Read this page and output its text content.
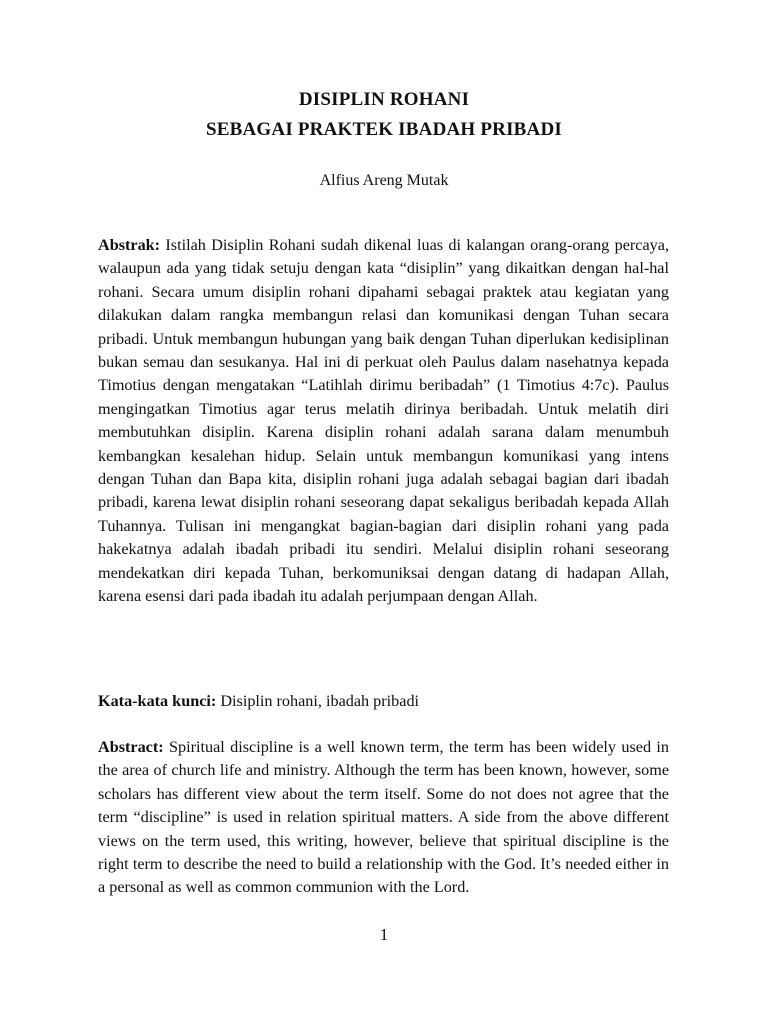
DISIPLIN ROHANI
SEBAGAI PRAKTEK IBADAH PRIBADI
Alfius Areng Mutak

Abstrak: Istilah Disiplin Rohani sudah dikenal luas di kalangan orang-orang percaya, walaupun ada yang tidak setuju dengan kata “disiplin” yang dikaitkan dengan hal-hal rohani. Secara umum disiplin rohani dipahami sebagai praktek atau kegiatan yang dilakukan dalam rangka membangun relasi dan komunikasi dengan Tuhan secara pribadi. Untuk membangun hubungan yang baik dengan Tuhan diperlukan kedisiplinan bukan semau dan sesukanya. Hal ini di perkuat oleh Paulus dalam nasehatnya kepada Timotius dengan mengatakan “Latihlah dirimu beribadah” (1 Timotius 4:7c). Paulus mengingatkan Timotius agar terus melatih dirinya beribadah. Untuk melatih diri membutuhkan disiplin. Karena disiplin rohani adalah sarana dalam menumbuh kembangkan kesalehan hidup. Selain untuk membangun komunikasi yang intens dengan Tuhan dan Bapa kita, disiplin rohani juga adalah sebagai bagian dari ibadah pribadi, karena lewat disiplin rohani seseorang dapat sekaligus beribadah kepada Allah Tuhannya. Tulisan ini mengangkat bagian-bagian dari disiplin rohani yang pada hakekatnya adalah ibadah pribadi itu sendiri. Melalui disiplin rohani seseorang mendekatkan diri kepada Tuhan, berkomuniksai dengan datang di hadapan Allah, karena esensi dari pada ibadah itu adalah perjumpaan dengan Allah.

Kata-kata kunci: Disiplin rohani, ibadah pribadi

Abstract: Spiritual discipline is a well known term, the term has been widely used in the area of church life and ministry. Although the term has been known, however, some scholars has different view about the term itself. Some do not does not agree that the term “discipline” is used in relation spiritual matters. A side from the above different views on the term used, this writing, however, believe that spiritual discipline is the right term to describe the need to build a relationship with the God. It’s needed either in a personal as well as common communion with the Lord.

1
